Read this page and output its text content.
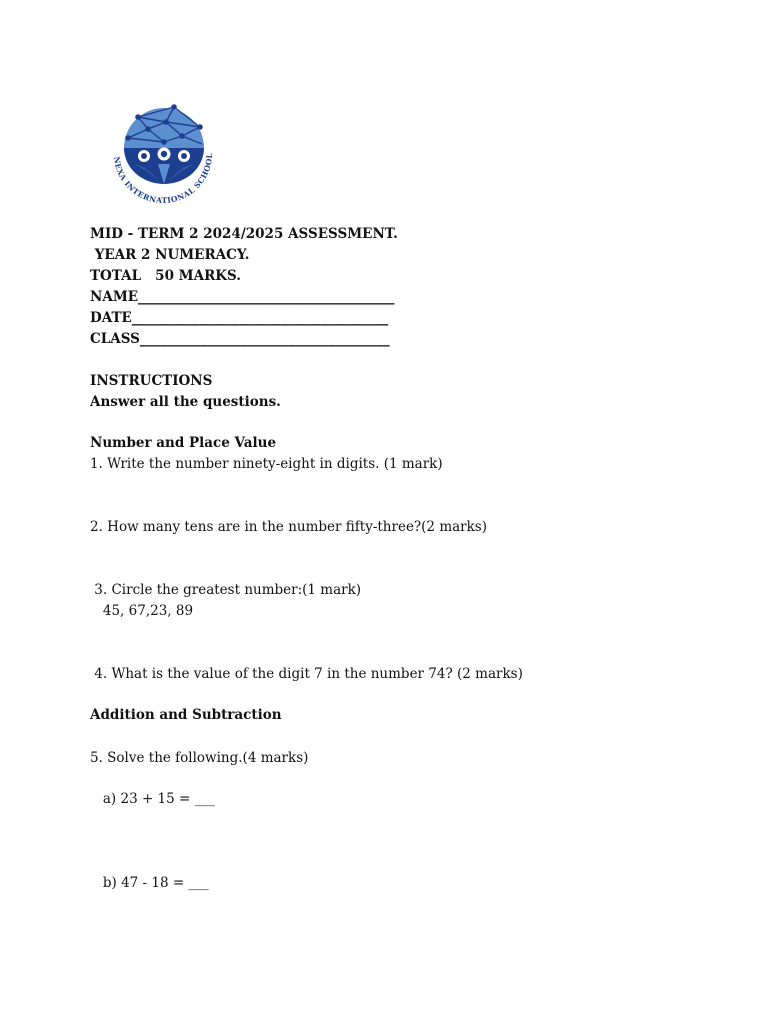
NEXA INTERNATIONAL SCHOOL
MID - TERM 2 2024/2025 ASSESSMENT.
YEAR 2 NUMERACY.
TOTAL   50 MARKS.
NAME______________________________________
DATE______________________________________
CLASS_____________________________________
INSTRUCTIONS
Answer all the questions.
Number and Place Value
1. Write the number ninety-eight in digits. (1 mark)
2. How many tens are in the number fifty-three?(2 marks)
3. Circle the greatest number:(1 mark)
45, 67,23, 89
4. What is the value of the digit 7 in the number 74? (2 marks)
Addition and Subtraction
5. Solve the following.(4 marks)
a) 23 + 15 = ___
b) 47 - 18 = ___
